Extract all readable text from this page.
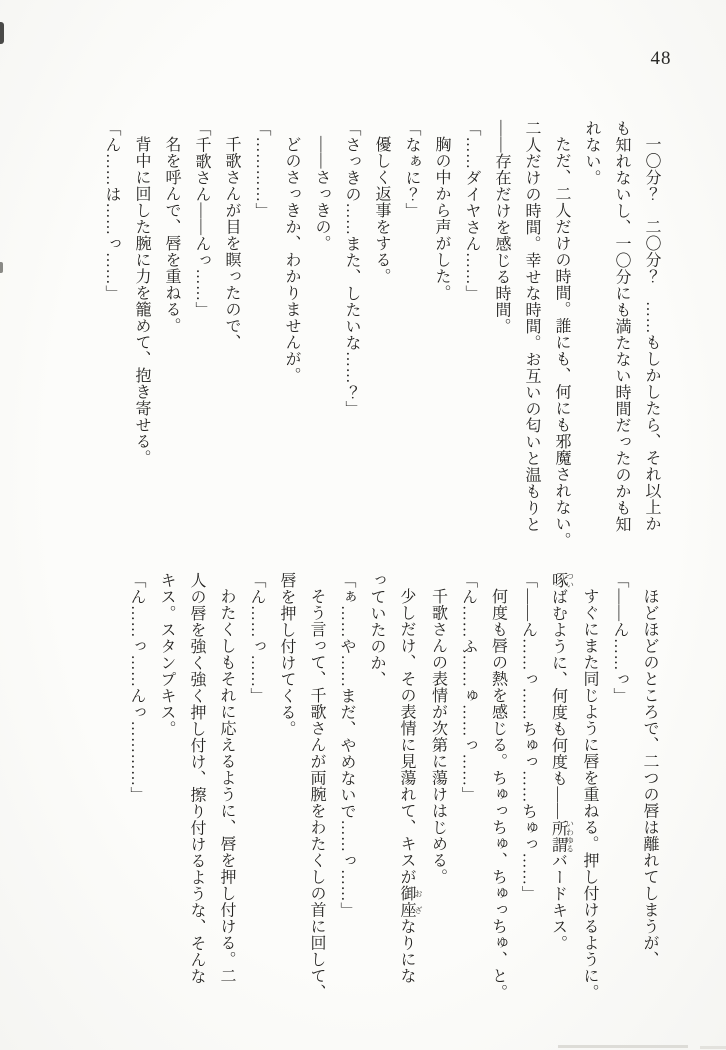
48

一〇分？　二〇分？　……もしかしたら、それ以上か

も知れないし、一〇分にも満たない時間だったのかも知

れない。

ただ、二人だけの時間。誰にも、何にも邪魔されない。

二人だけの時間。幸せな時間。お互いの匂いと温もりと

――存在だけを感じる時間。

「……ダイヤさん……」

胸の中から声がした。

「なぁに？」

優しく返事をする。

「さっきの……また、したいな……？」

――さっきの。

どのさっきか、わかりませんが。

「…………」

千歌さんが目を瞑ったので、

「千歌さん――んっ……」

名を呼んで、唇を重ねる。

背中に回した腕に力を籠めて、抱き寄せる。

「ん……は……っ……」

ほどほどのところで、二つの唇は離れてしまうが、

「――ん……っ」

すぐにまた同じように唇を重ねる。押し付けるように。

啄 ついばむように、何度も何度も――所謂 いわゆるバードキス。

「――ん……っ……ちゅっ……ちゅっ……」

何度も唇の熱を感じる。ちゅっちゅ、ちゅっちゅ、と。

「ん……ふ……ゅ……っ……」

千歌さんの表情が次第に蕩けはじめる。

少しだけ、その表情に見蕩れて、キスが御座 おざなりにな

っていたのか、

「ぁ……や……まだ、やめないで……っ……」

そう言って、千歌さんが両腕をわたくしの首に回して、

唇を押し付けてくる。

「ん……っ……」

わたくしもそれに応えるように、唇を押し付ける。二

人の唇を強く強く押し付け、擦り付けるような、そんな

キス。スタンプキス。

「ん……っ……んっ…………」
